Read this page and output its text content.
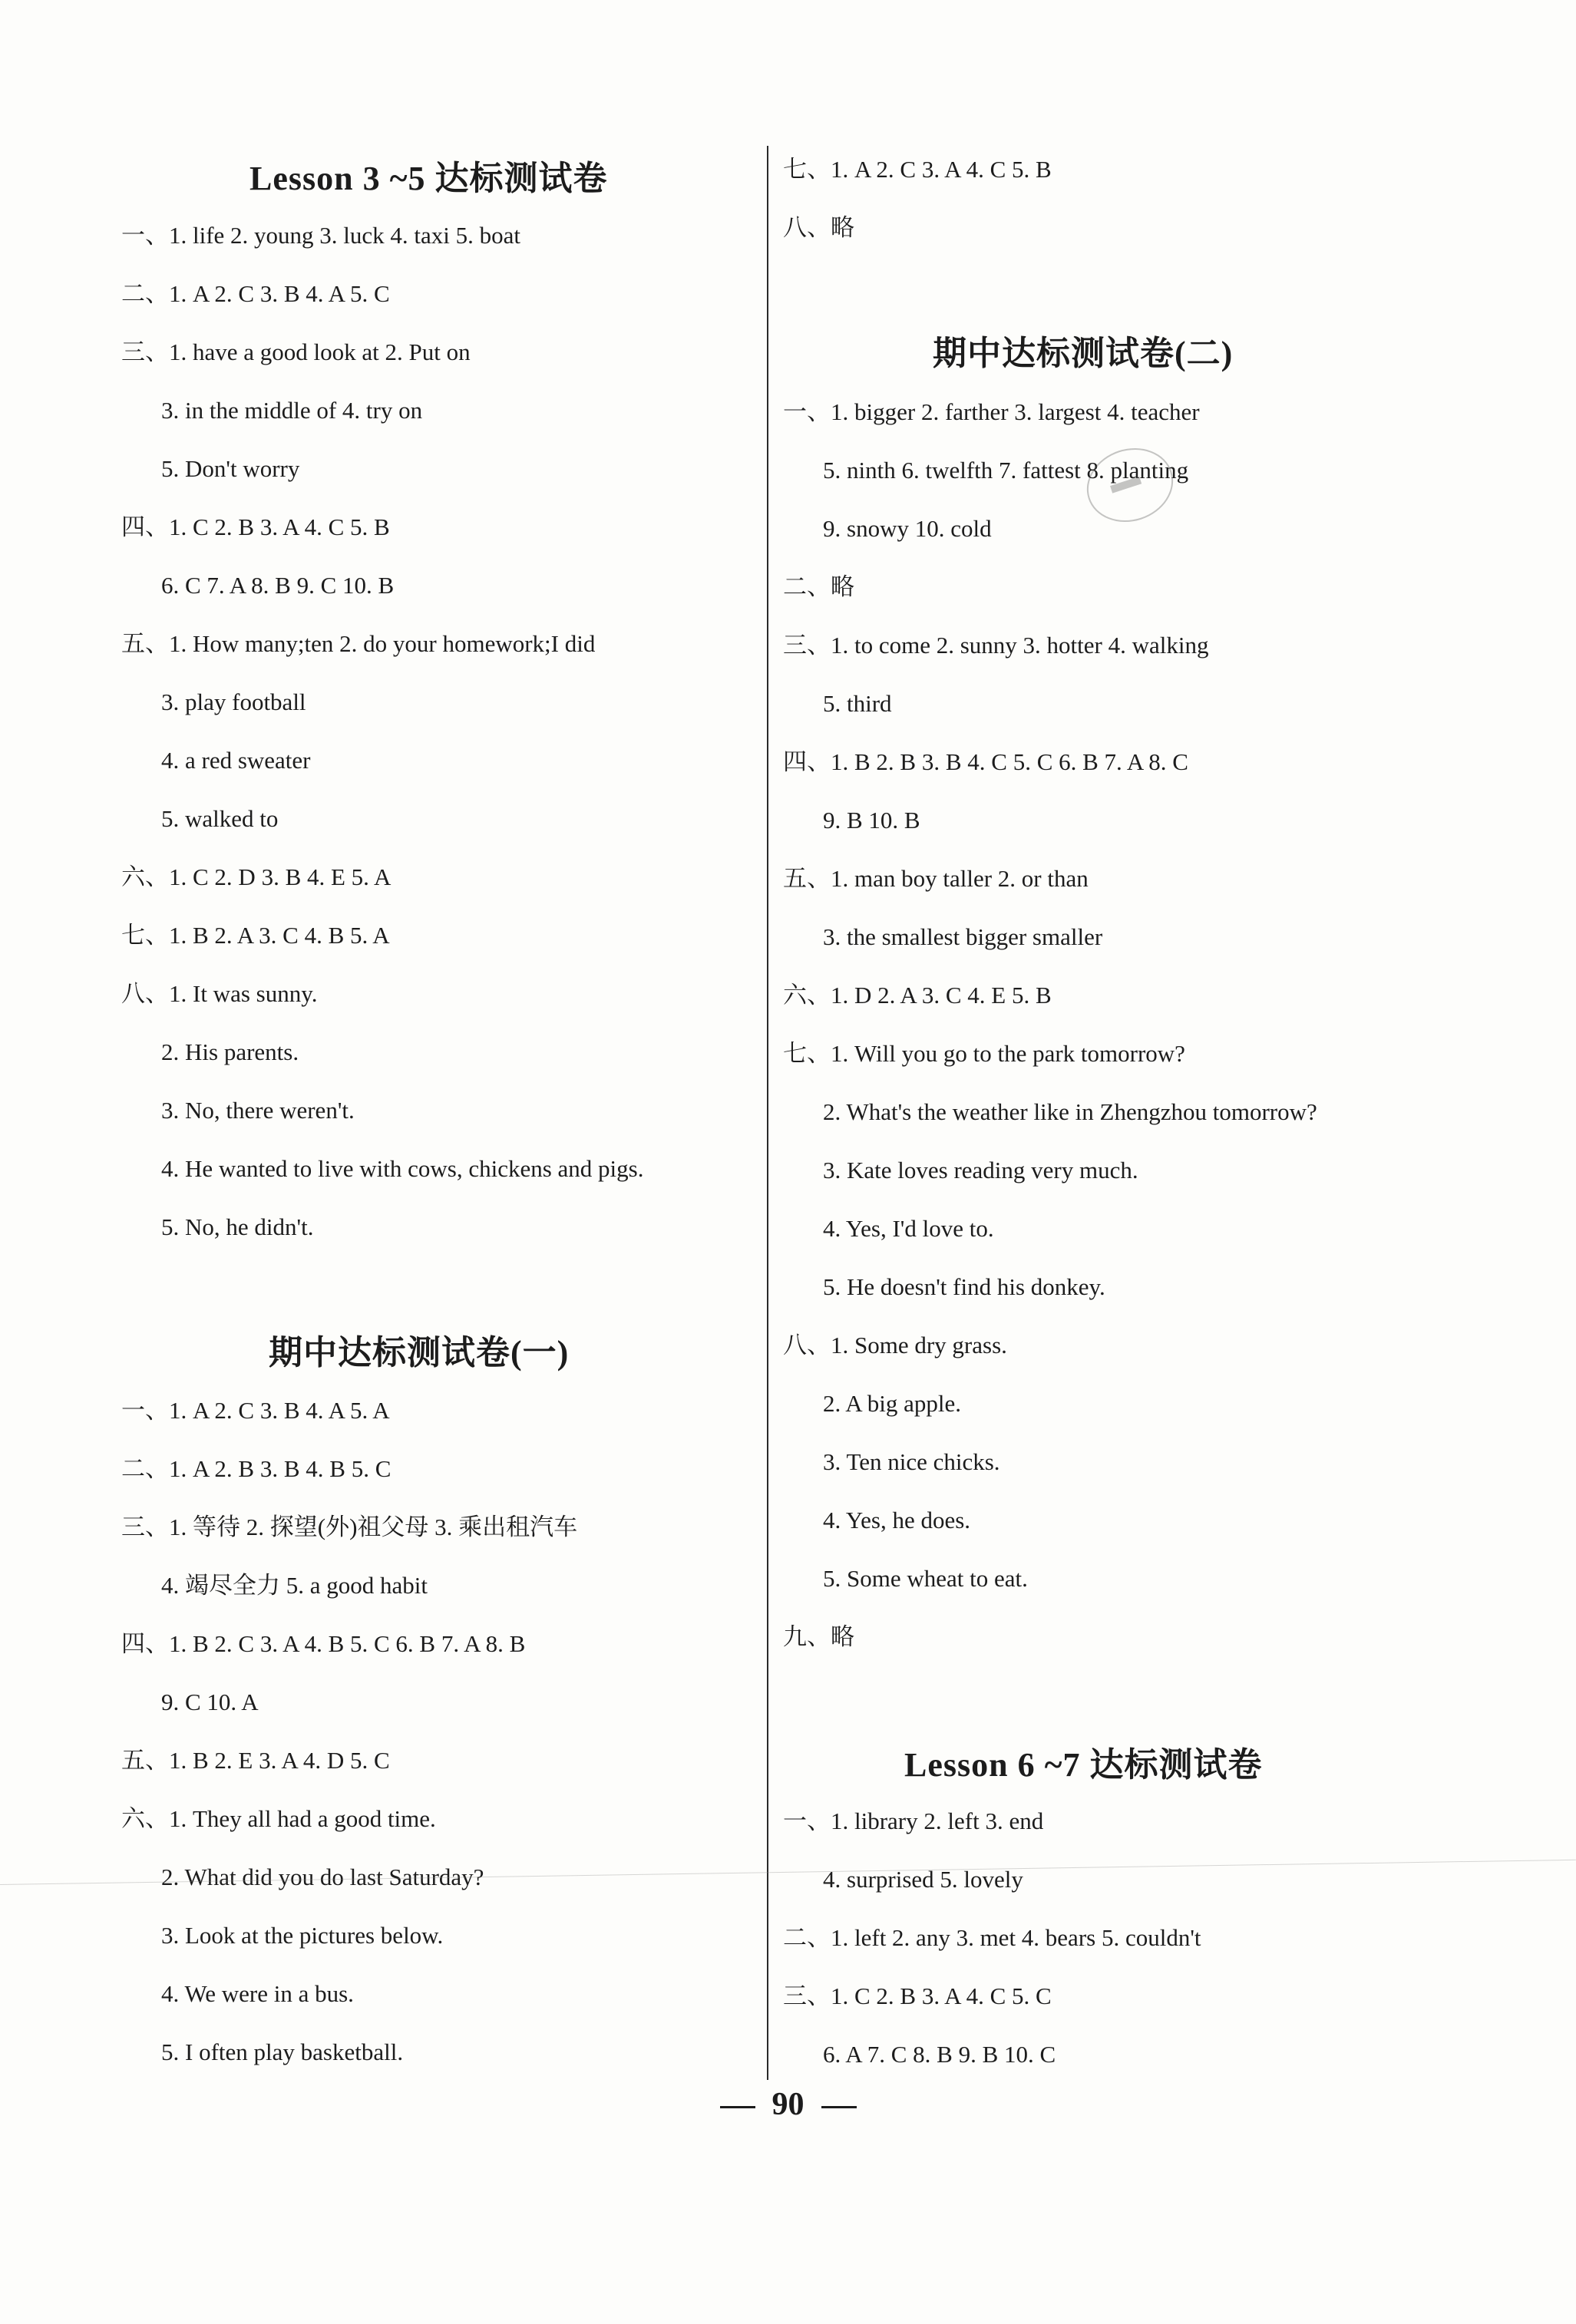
Lesson 3 ~5 达标测试卷
一、1. life 2. young 3. luck 4. taxi 5. boat
二、1. A 2. C 3. B 4. A 5. C
三、1. have a good look at 2. Put on
3. in the middle of 4. try on
5. Don't worry
四、1. C 2. B 3. A 4. C 5. B
6. C 7. A 8. B 9. C 10. B
五、1. How many;ten 2. do your homework;I did
3. play football
4. a red sweater
5. walked to
六、1. C 2. D 3. B 4. E 5. A
七、1. B 2. A 3. C 4. B 5. A
八、1. It was sunny.
2. His parents.
3. No, there weren't.
4. He wanted to live with cows, chickens and pigs.
5. No, he didn't.
期中达标测试卷(一)
一、1. A 2. C 3. B 4. A 5. A
二、1. A 2. B 3. B 4. B 5. C
三、1. 等待 2. 探望(外)祖父母 3. 乘出租汽车
4. 竭尽全力 5. a good habit
四、1. B 2. C 3. A 4. B 5. C 6. B 7. A 8. B
9. C 10. A
五、1. B 2. E 3. A 4. D 5. C
六、1. They all had a good time.
2. What did you do last Saturday?
3. Look at the pictures below.
4. We were in a bus.
5. I often play basketball.
七、1. A 2. C 3. A 4. C 5. B
八、略
期中达标测试卷(二)
一、1. bigger 2. farther 3. largest 4. teacher
5. ninth 6. twelfth 7. fattest 8. planting
9. snowy 10. cold
二、略
三、1. to come 2. sunny 3. hotter 4. walking
5. third
四、1. B 2. B 3. B 4. C 5. C 6. B 7. A 8. C
9. B 10. B
五、1. man boy taller 2. or than
3. the smallest bigger smaller
六、1. D 2. A 3. C 4. E 5. B
七、1. Will you go to the park tomorrow?
2. What's the weather like in Zhengzhou tomorrow?
3. Kate loves reading very much.
4. Yes, I'd love to.
5. He doesn't find his donkey.
八、1. Some dry grass.
2. A big apple.
3. Ten nice chicks.
4. Yes, he does.
5. Some wheat to eat.
九、略
Lesson 6 ~7 达标测试卷
一、1. library 2. left 3. end
4. surprised 5. lovely
二、1. left 2. any 3. met 4. bears 5. couldn't
三、1. C 2. B 3. A 4. C 5. C
6. A 7. C 8. B 9. B 10. C
90
